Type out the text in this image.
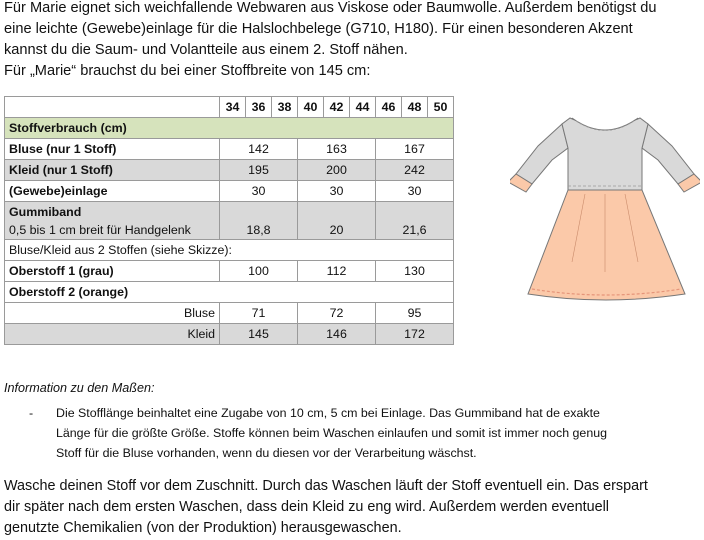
Für Marie eignet sich weichfallende Webwaren aus Viskose oder Baumwolle. Außerdem benötigst du

eine leichte (Gewebe)einlage für die Halslochbelege (G710, H180). Für einen besonderen Akzent

kannst du die Saum- und Volantteile aus einem 2. Stoff nähen.

Für „Marie“ brauchst du bei einer Stoffbreite von 145 cm:

	34	36	38	40	42	44	46	48	50
Stoffverbrauch (cm)									
Bluse (nur 1 Stoff)	142			163			167		
Kleid (nur 1 Stoff)	195			200			242		
(Gewebe)einlage	30			30			30		
Gummiband
0,5 bis 1 cm breit für Handgelenk	18,8			20			21,6		
Bluse/Kleid aus 2 Stoffen (siehe Skizze):									
Oberstoff 1 (grau)	100			112			130		
Oberstoff 2 (orange)									
Bluse	71			72			95		
Kleid	145			146			172		
Information zu den Maßen:
- Die Stofflänge beinhaltet eine Zugabe von 10 cm, 5 cm bei Einlage. Das Gummiband hat de exakte
Länge für die größte Größe. Stoffe können beim Waschen einlaufen und somit ist immer noch genug
Stoff für die Bluse vorhanden, wenn du diesen vor der Verarbeitung wäschst.

Wasche deinen Stoff vor dem Zuschnitt. Durch das Waschen läuft der Stoff eventuell ein. Das erspart

dir später nach dem ersten Waschen, dass dein Kleid zu eng wird. Außerdem werden eventuell

genutzte Chemikalien (von der Produktion) herausgewaschen.
